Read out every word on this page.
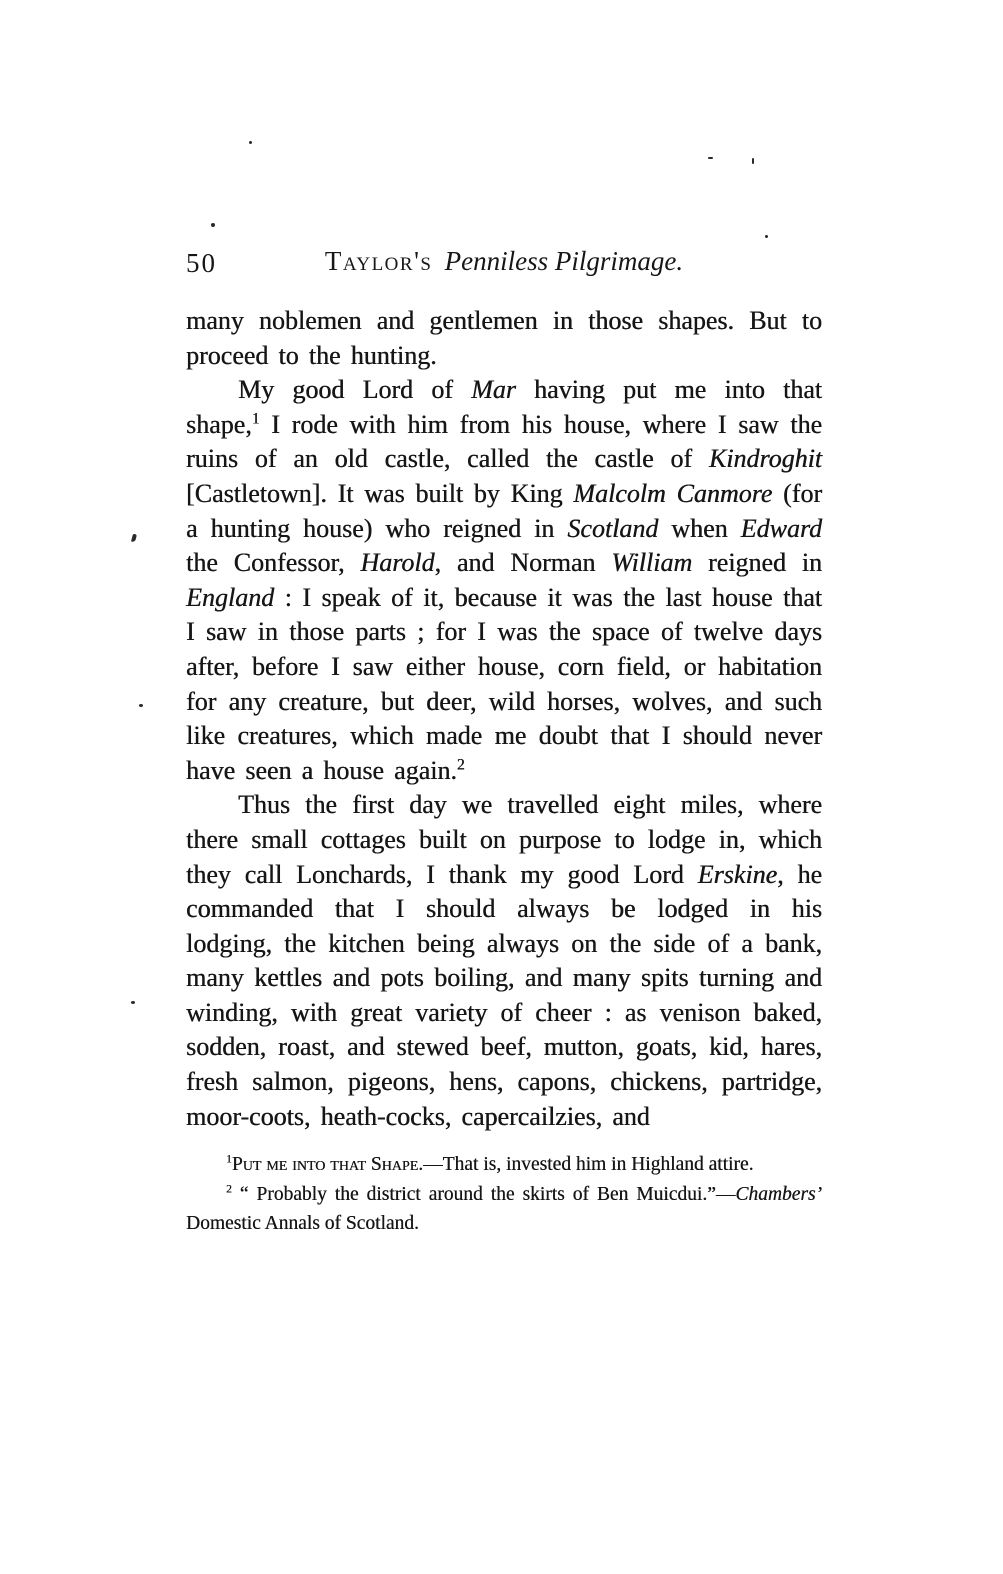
50	Taylor's Penniless Pilgrimage.

many noblemen and gentlemen in those shapes. But to proceed to the hunting.

My good Lord of Mar having put me into that shape,$^1$ I rode with him from his house, where I saw the ruins of an old castle, called the castle of Kindroghit [Castletown]. It was built by King Malcolm Canmore (for a hunting house) who reigned in Scotland when Edward the Confessor, Harold, and Norman William reigned in England : I speak of it, because it was the last house that I saw in those parts ; for I was the space of twelve days after, before I saw either house, corn field, or habitation for any creature, but deer, wild horses, wolves, and such like creatures, which made me doubt that I should never have seen a house again.$^2$

Thus the first day we travelled eight miles, where there small cottages built on purpose to lodge in, which they call Lonchards, I thank my good Lord Erskine, he commanded that I should always be lodged in his lodging, the kitchen being always on the side of a bank, many kettles and pots boiling, and many spits turning and winding, with great variety of cheer : as venison baked, sodden, roast, and stewed beef, mutton, goats, kid, hares, fresh salmon, pigeons, hens, capons, chickens, partridge, moor-coots, heath-cocks, capercailzies, and

$^1$Put me into that Shape.—That is, invested him in Highland attire.

$^2$ “ Probably the district around the skirts of Ben Muicdui.”—Chambers’ Domestic Annals of Scotland.
